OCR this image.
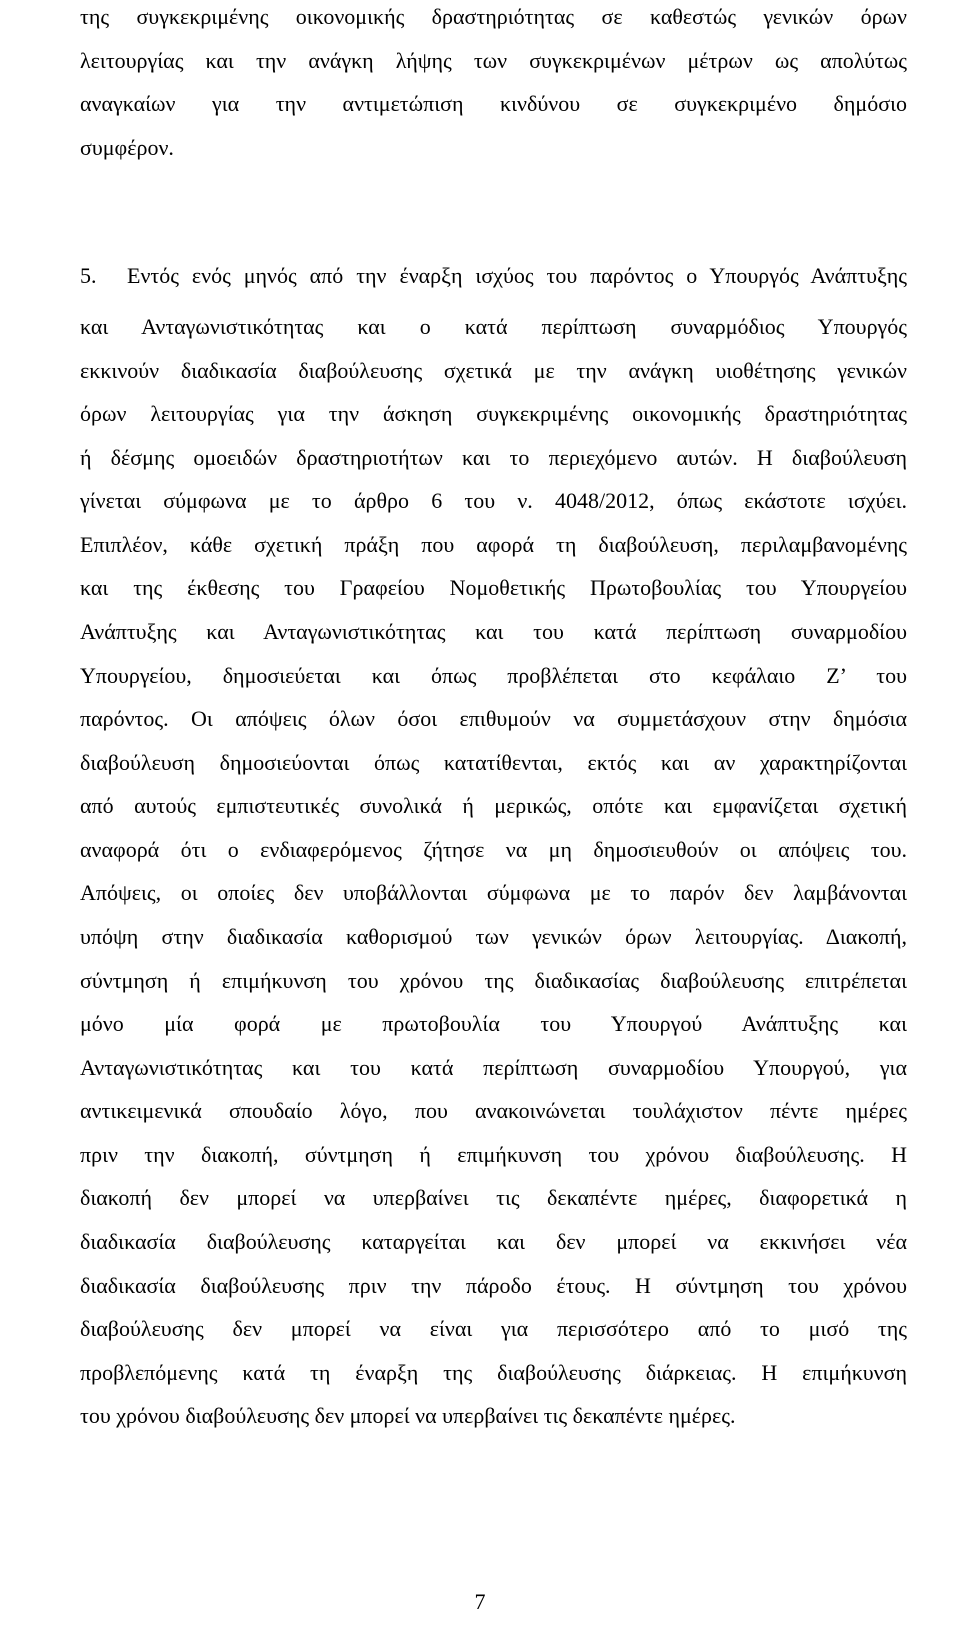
της συγκεκριμένης οικονομικής δραστηριότητας σε καθεστώς γενικών όρων
λειτουργίας και την ανάγκη λήψης των συγκεκριμένων μέτρων ως απολύτως
αναγκαίων για την αντιμετώπιση κινδύνου σε συγκεκριμένο δημόσιο
συμφέρον.
5. Εντός ενός μηνός από την έναρξη ισχύος του παρόντος ο Υπουργός Ανάπτυξης
και Ανταγωνιστικότητας και ο κατά περίπτωση συναρμόδιος Υπουργός
εκκινούν διαδικασία διαβούλευσης σχετικά με την ανάγκη υιοθέτησης γενικών
όρων λειτουργίας για την άσκηση συγκεκριμένης οικονομικής δραστηριότητας
ή δέσμης ομοειδών δραστηριοτήτων και το περιεχόμενο αυτών. Η διαβούλευση
γίνεται σύμφωνα με το άρθρο 6 του ν. 4048/2012, όπως εκάστοτε ισχύει.
Επιπλέον, κάθε σχετική πράξη που αφορά τη διαβούλευση, περιλαμβανομένης
και της έκθεσης του Γραφείου Νομοθετικής Πρωτοβουλίας του Υπουργείου
Ανάπτυξης και Ανταγωνιστικότητας και του κατά περίπτωση συναρμοδίου
Υπουργείου, δημοσιεύεται και όπως προβλέπεται στο κεφάλαιο Ζ’ του
παρόντος. Οι απόψεις όλων όσοι επιθυμούν να συμμετάσχουν στην δημόσια
διαβούλευση δημοσιεύονται όπως κατατίθενται, εκτός και αν χαρακτηρίζονται
από αυτούς εμπιστευτικές συνολικά ή μερικώς, οπότε και εμφανίζεται σχετική
αναφορά ότι ο ενδιαφερόμενος ζήτησε να μη δημοσιευθούν οι απόψεις του.
Απόψεις, οι οποίες δεν υποβάλλονται σύμφωνα με το παρόν δεν λαμβάνονται
υπόψη στην διαδικασία καθορισμού των γενικών όρων λειτουργίας. Διακοπή,
σύντμηση ή επιμήκυνση του χρόνου της διαδικασίας διαβούλευσης επιτρέπεται
μόνο μία φορά με πρωτοβουλία του Υπουργού Ανάπτυξης και
Ανταγωνιστικότητας και του κατά περίπτωση συναρμοδίου Υπουργού, για
αντικειμενικά σπουδαίο λόγο, που ανακοινώνεται τουλάχιστον πέντε ημέρες
πριν την διακοπή, σύντμηση ή επιμήκυνση του χρόνου διαβούλευσης. Η
διακοπή δεν μπορεί να υπερβαίνει τις δεκαπέντε ημέρες, διαφορετικά η
διαδικασία διαβούλευσης καταργείται και δεν μπορεί να εκκινήσει νέα
διαδικασία διαβούλευσης πριν την πάροδο έτους. Η σύντμηση του χρόνου
διαβούλευσης δεν μπορεί να είναι για περισσότερο από το μισό της
προβλεπόμενης κατά τη έναρξη της διαβούλευσης διάρκειας. Η επιμήκυνση
του χρόνου διαβούλευσης δεν μπορεί να υπερβαίνει τις δεκαπέντε ημέρες.
7
